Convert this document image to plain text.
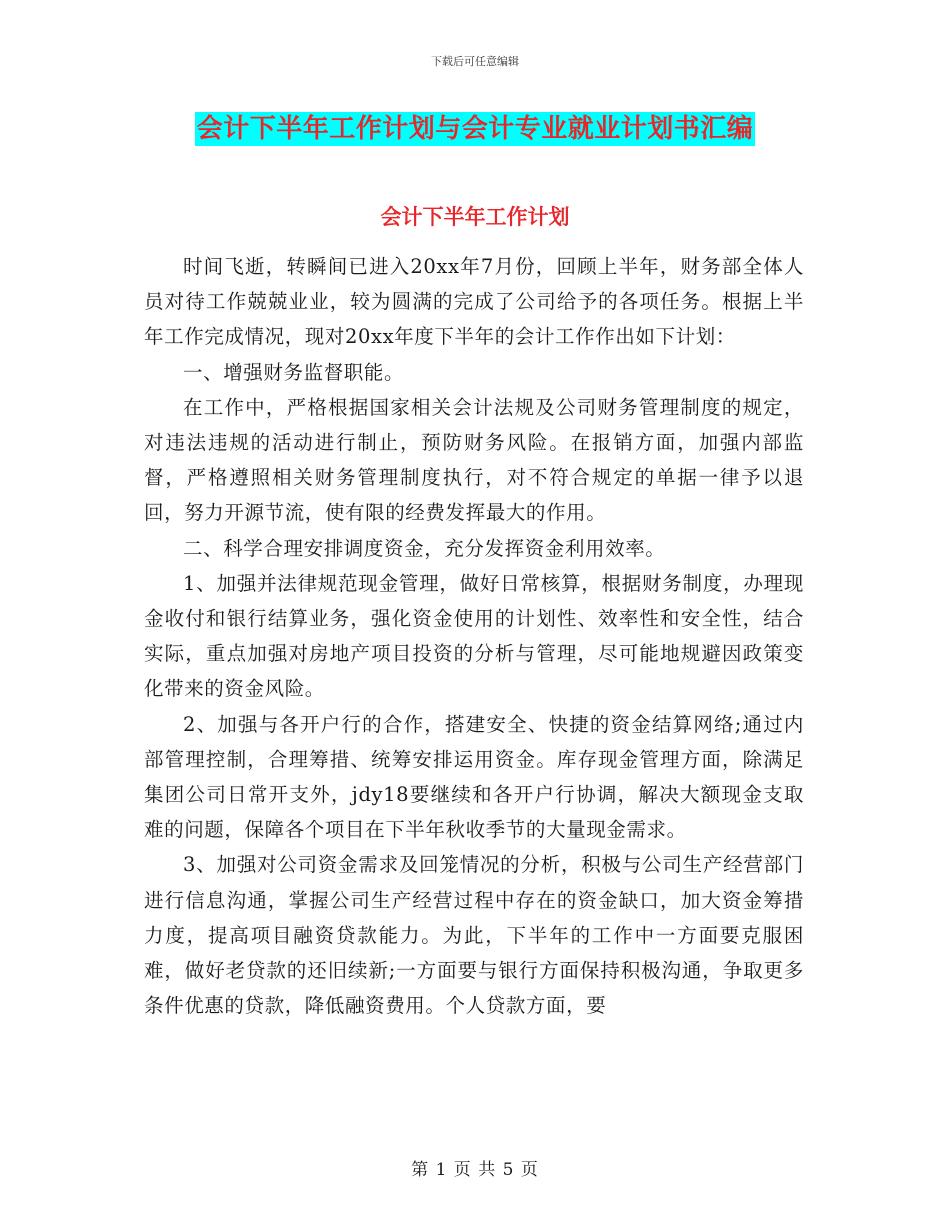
下载后可任意编辑
会计下半年工作计划与会计专业就业计划书汇编
会计下半年工作计划

时间飞逝，转瞬间已进入20xx年7月份，回顾上半年，财务部全体人员对待工作兢兢业业，较为圆满的完成了公司给予的各项任务。根据上半年工作完成情况，现对20xx年度下半年的会计工作作出如下计划：

一、增强财务监督职能。

在工作中，严格根据国家相关会计法规及公司财务管理制度的规定，对违法违规的活动进行制止，预防财务风险。在报销方面，加强内部监督，严格遵照相关财务管理制度执行，对不符合规定的单据一律予以退回，努力开源节流，使有限的经费发挥最大的作用。

二、科学合理安排调度资金，充分发挥资金利用效率。

1、加强并法律规范现金管理，做好日常核算，根据财务制度，办理现金收付和银行结算业务，强化资金使用的计划性、效率性和安全性，结合实际，重点加强对房地产项目投资的分析与管理，尽可能地规避因政策变化带来的资金风险。

2、加强与各开户行的合作，搭建安全、快捷的资金结算网络;通过内部管理控制，合理筹措、统筹安排运用资金。库存现金管理方面，除满足集团公司日常开支外，jdy18要继续和各开户行协调，解决大额现金支取难的问题，保障各个项目在下半年秋收季节的大量现金需求。

3、加强对公司资金需求及回笼情况的分析，积极与公司生产经营部门进行信息沟通，掌握公司生产经营过程中存在的资金缺口，加大资金筹措力度，提高项目融资贷款能力。为此，下半年的工作中一方面要克服困难，做好老贷款的还旧续新;一方面要与银行方面保持积极沟通，争取更多条件优惠的贷款，降低融资费用。个人贷款方面，要

第 1 页 共 5 页
